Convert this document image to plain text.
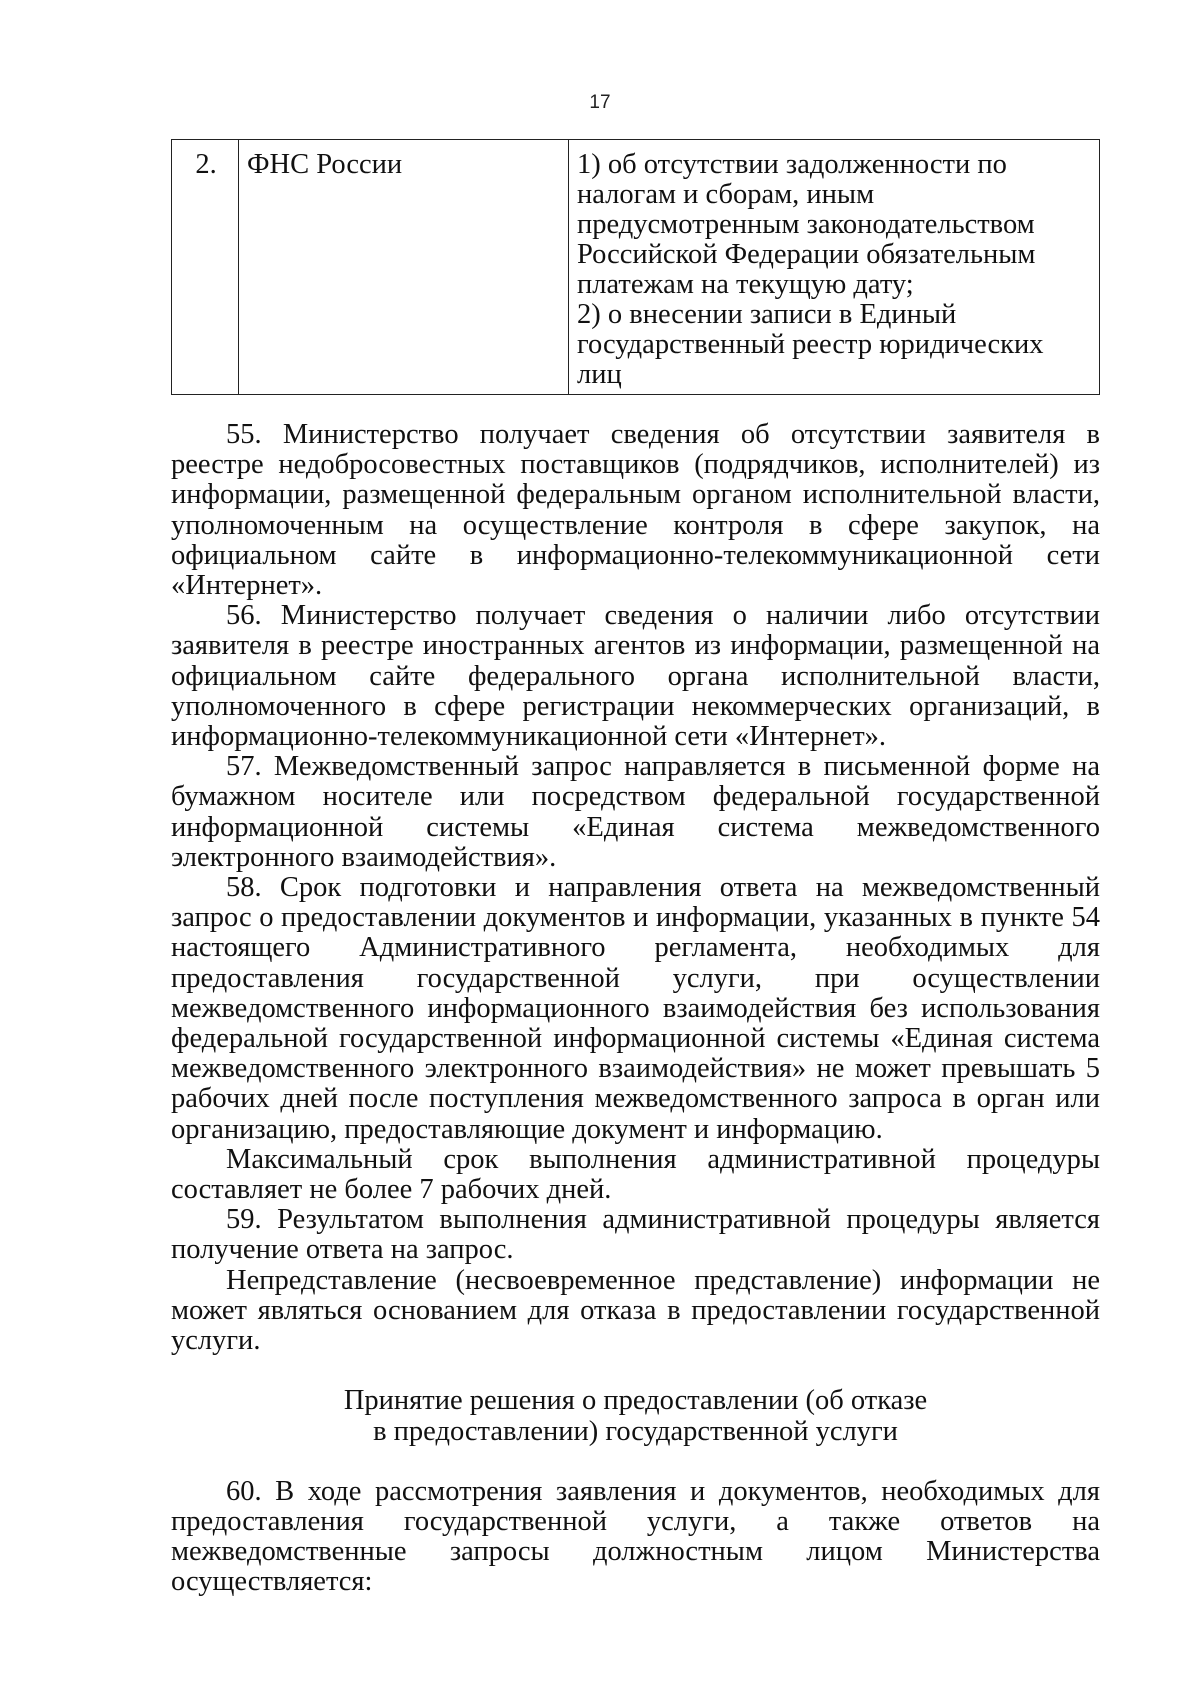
17
2.	ФНС России	1) об отсутствии задолженности по
налогам и сборам, иным
предусмотренным законодательством
Российской Федерации обязательным
платежам на текущую дату;
2) о внесении записи в Единый
государственный реестр юридических
лиц

55. Министерство получает сведения об отсутствии заявителя в реестре недобросовестных поставщиков (подрядчиков, исполнителей) из информации, размещенной федеральным органом исполнительной власти, уполномоченным на осуществление контроля в сфере закупок, на официальном сайте в информационно-телекоммуникационной сети «Интернет».

56. Министерство получает сведения о наличии либо отсутствии заявителя в реестре иностранных агентов из информации, размещенной на официальном сайте федерального органа исполнительной власти, уполномоченного в сфере регистрации некоммерческих организаций, в информационно-телекоммуникационной сети «Интернет».

57. Межведомственный запрос направляется в письменной форме на бумажном носителе или посредством федеральной государственной информационной системы «Единая система межведомственного электронного взаимодействия».

58. Срок подготовки и направления ответа на межведомственный запрос о предоставлении документов и информации, указанных в пункте 54 настоящего Административного регламента, необходимых для предоставления государственной услуги, при осуществлении межведомственного информационного взаимодействия без использования федеральной государственной информационной системы «Единая система межведомственного электронного взаимодействия» не может превышать 5 рабочих дней после поступления межведомственного запроса в орган или организацию, предоставляющие документ и информацию.

Максимальный срок выполнения административной процедуры составляет не более 7 рабочих дней.

59. Результатом выполнения административной процедуры является получение ответа на запрос.

Непредставление (несвоевременное представление) информации не может являться основанием для отказа в предоставлении государственной услуги.

Принятие решения о предоставлении (об отказе

в предоставлении) государственной услуги

60. В ходе рассмотрения заявления и документов, необходимых для предоставления государственной услуги, а также ответов на межведомственные запросы должностным лицом Министерства осуществляется:
